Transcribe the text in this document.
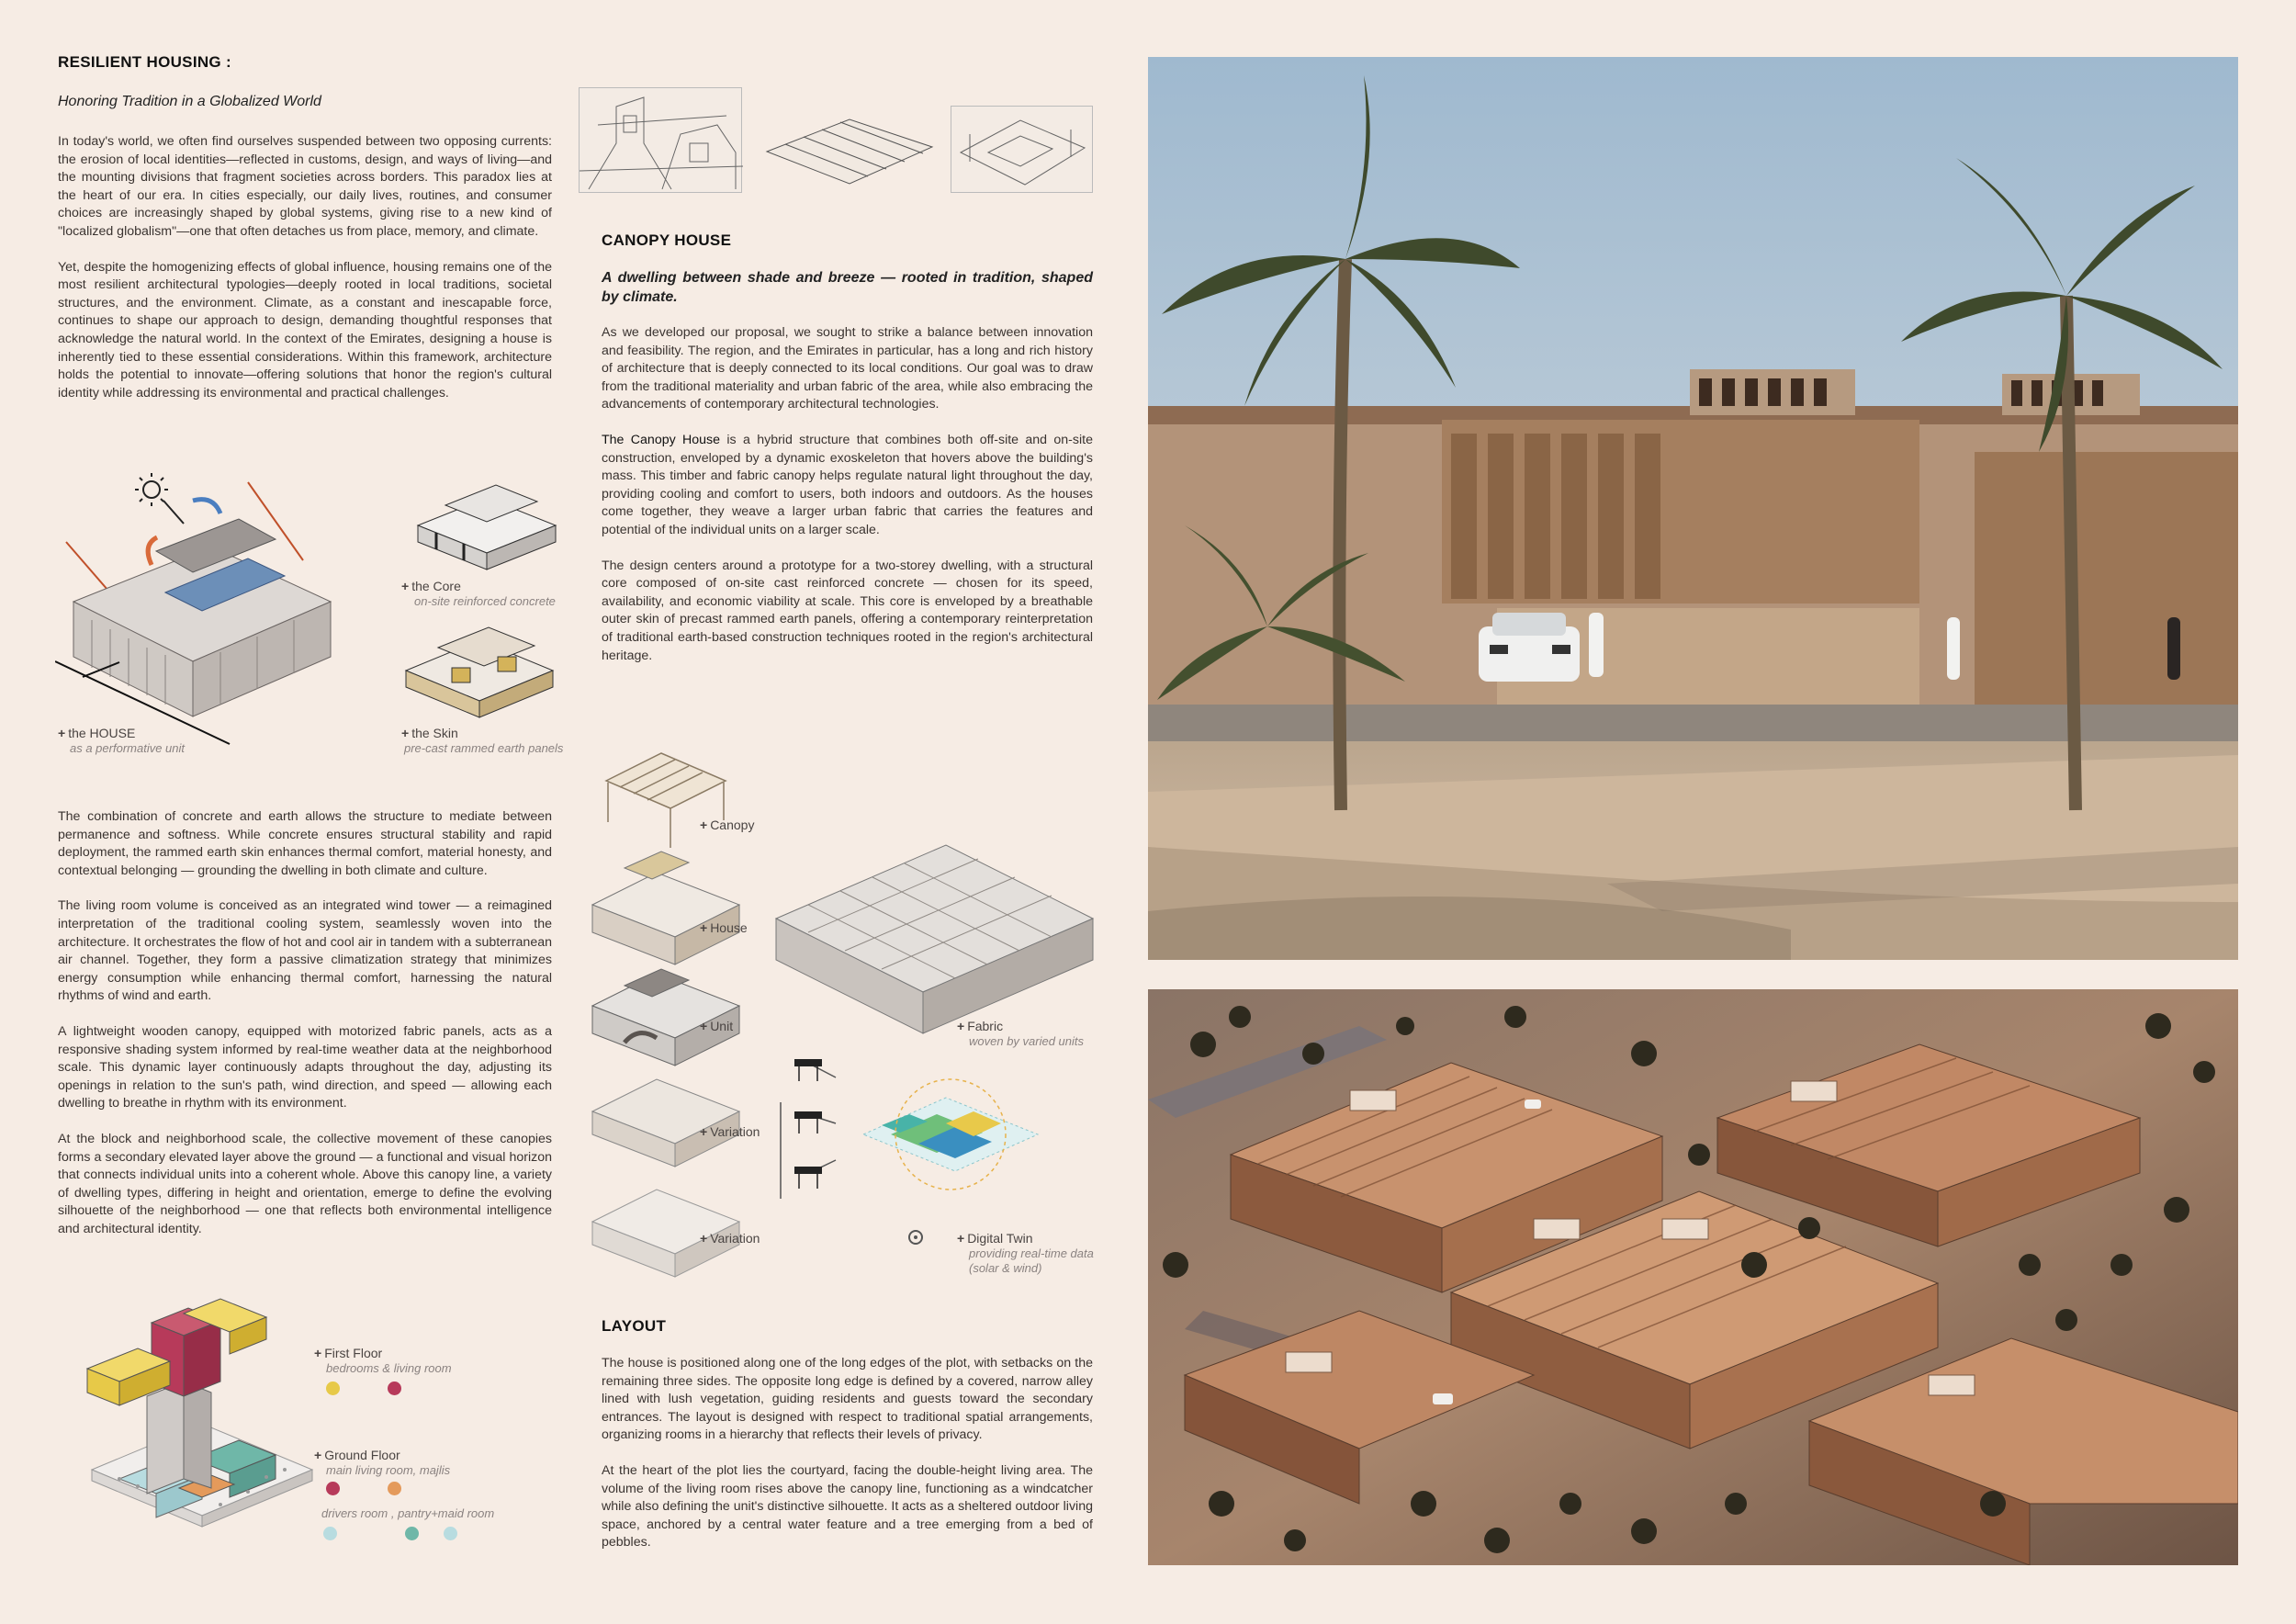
RESILIENT HOUSING :
Honoring Tradition in a Globalized World

In today's world, we often find ourselves suspended between two opposing currents: the erosion of local identities—reflected in customs, design, and ways of living—and the mounting divisions that fragment societies across borders. This paradox lies at the heart of our era. In cities especially, our daily lives, routines, and consumer choices are increasingly shaped by global systems, giving rise to a new kind of "localized globalism"—one that often detaches us from place, memory, and climate.

Yet, despite the homogenizing effects of global influence, housing remains one of the most resilient architectural typologies—deeply rooted in local traditions, societal structures, and the environment. Climate, as a constant and inescapable force, continues to shape our approach to design, demanding thoughtful responses that acknowledge the natural world. In the context of the Emirates, designing a house is inherently tied to these essential considerations. Within this framework, architecture holds the potential to innovate—offering solutions that honor the region's cultural identity while addressing its environmental and practical challenges.

+ the HOUSE
as a performative unit
+ the Core
on-site reinforced concrete
+ the Skin
pre-cast rammed earth panels

The combination of concrete and earth allows the structure to mediate between permanence and softness. While concrete ensures structural stability and rapid deployment, the rammed earth skin enhances thermal comfort, material honesty, and contextual belonging — grounding the dwelling in both climate and culture.

The living room volume is conceived as an integrated wind tower — a reimagined interpretation of the traditional cooling system, seamlessly woven into the architecture. It orchestrates the flow of hot and cool air in tandem with a subterranean air channel. Together, they form a passive climatization strategy that minimizes energy consumption while enhancing thermal comfort, harnessing the natural rhythms of wind and earth.

A lightweight wooden canopy, equipped with motorized fabric panels, acts as a responsive shading system informed by real-time weather data at the neighborhood scale. This dynamic layer continuously adapts throughout the day, adjusting its openings in relation to the sun's path, wind direction, and speed — allowing each dwelling to breathe in rhythm with its environment.

At the block and neighborhood scale, the collective movement of these canopies forms a secondary elevated layer above the ground — a functional and visual horizon that connects individual units into a coherent whole. Above this canopy line, a variety of dwelling types, differing in height and orientation, emerge to define the evolving silhouette of the neighborhood — one that reflects both environmental intelligence and architectural identity.

+ First Floor
bedrooms & living room

+ Ground Floor
main living room, majlis

drivers room , pantry+maid room

CANOPY HOUSE
A dwelling between shade and breeze — rooted in tradition, shaped by climate.

As we developed our proposal, we sought to strike a balance between innovation and feasibility. The region, and the Emirates in particular, has a long and rich history of architecture that is deeply connected to its local conditions. Our goal was to draw from the traditional materiality and urban fabric of the area, while also embracing the advancements of contemporary architectural technologies.

The Canopy House is a hybrid structure that combines both off-site and on-site construction, enveloped by a dynamic exoskeleton that hovers above the building's mass. This timber and fabric canopy helps regulate natural light throughout the day, providing cooling and comfort to users, both indoors and outdoors. As the houses come together, they weave a larger urban fabric that carries the features and potential of the individual units on a larger scale.

The design centers around a prototype for a two-storey dwelling, with a structural core composed of on-site cast reinforced concrete — chosen for its speed, availability, and economic viability at scale. This core is enveloped by a breathable outer skin of precast rammed earth panels, offering a contemporary reinterpretation of traditional earth-based construction techniques rooted in the region's architectural heritage.

+ Canopy
+ House
+ Unit
+ Variation
+ Variation
+ Fabric
woven by varied units
+ Digital Twin
providing real-time data
(solar & wind)
LAYOUT

The house is positioned along one of the long edges of the plot, with setbacks on the remaining three sides. The opposite long edge is defined by a covered, narrow alley lined with lush vegetation, guiding residents and guests toward the secondary entrances. The layout is designed with respect to traditional spatial arrangements, organizing rooms in a hierarchy that reflects their levels of privacy.

At the heart of the plot lies the courtyard, facing the double-height living area. The volume of the living room rises above the canopy line, functioning as a windcatcher while also defining the unit's distinctive silhouette. It acts as a sheltered outdoor living space, anchored by a central water feature and a tree emerging from a bed of pebbles.
